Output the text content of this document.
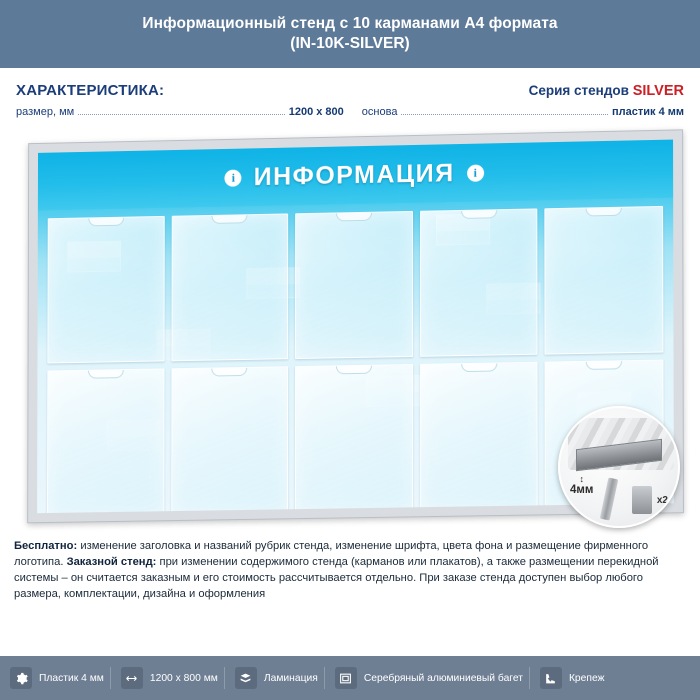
Информационный стенд с 10 карманами А4 формата
(IN-10K-SILVER)
ХАРАКТЕРИСТИКА:	Серия стендов SILVER
размер, мм	1200 х 800 основа	пластик 4 мм
i ИНФОРМАЦИЯ	i
↕
4мм
x2
Бесплатно: изменение заголовка и названий рубрик стенда, изменение шрифта, цвета фона и размещение фирменного логотипа. Заказной стенд: при изменении содержимого стенда (карманов или плакатов), а также размещении перекидной системы – он считается заказным и его стоимость рассчитывается отдельно. При заказе стенда доступен выбор любого размера, комплектации, дизайна и оформления
Пластик 4 мм	1200 х 800 мм	Ламинация	Серебряный алюминиевый багет	Крепеж
